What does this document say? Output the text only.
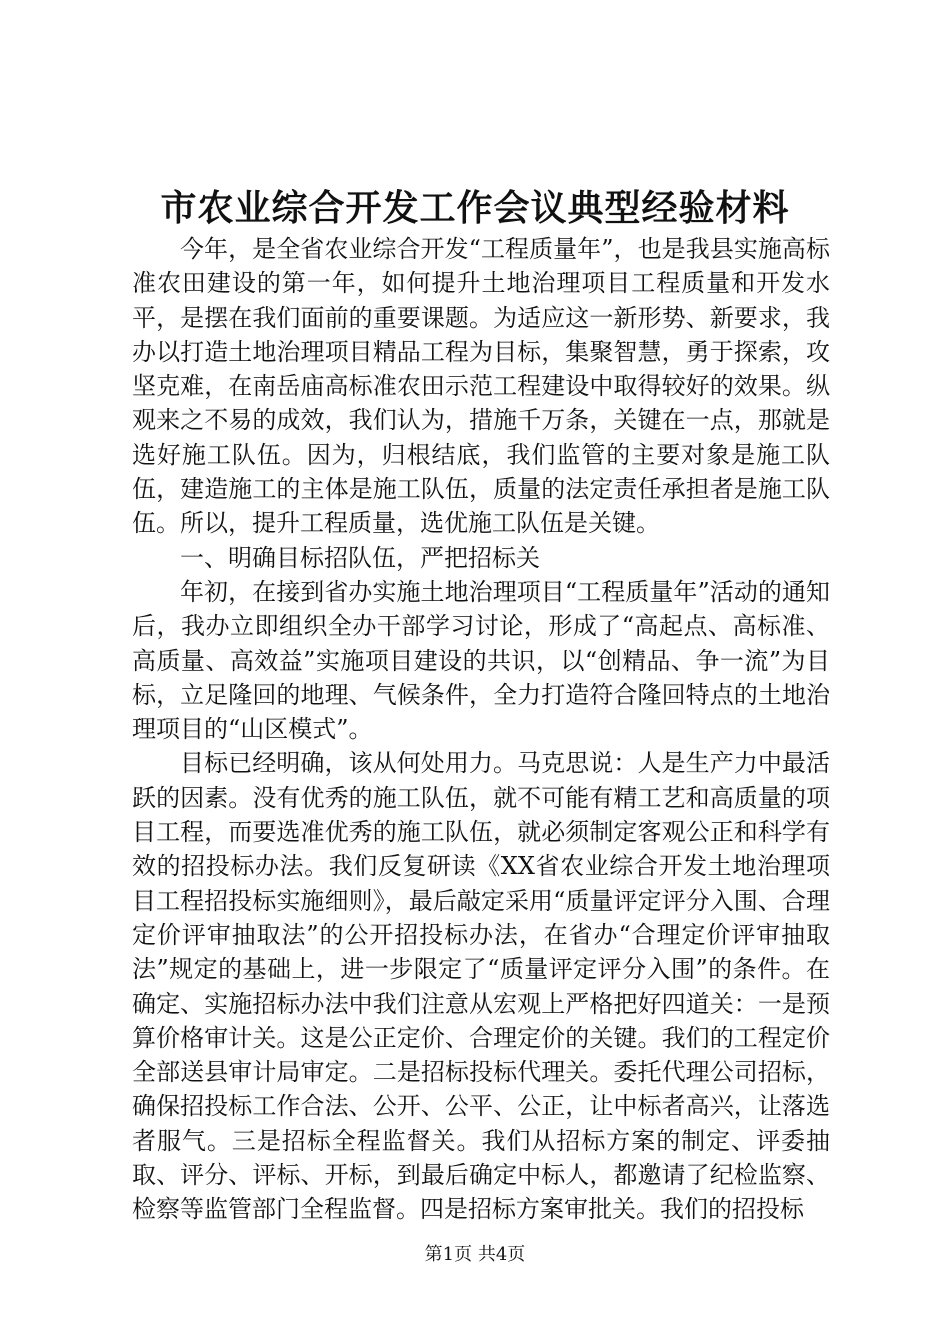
市农业综合开发工作会议典型经验材料

今年，是全省农业综合开发“工程质量年”，也是我县实施高标准农田建设的第一年，如何提升土地治理项目工程质量和开发水平，是摆在我们面前的重要课题。为适应这一新形势、新要求，我办以打造土地治理项目精品工程为目标，集聚智慧，勇于探索，攻坚克难，在南岳庙高标准农田示范工程建设中取得较好的效果。纵观来之不易的成效，我们认为，措施千万条，关键在一点，那就是选好施工队伍。因为，归根结底，我们监管的主要对象是施工队伍，建造施工的主体是施工队伍，质量的法定责任承担者是施工队伍。所以，提升工程质量，选优施工队伍是关键。

一、明确目标招队伍，严把招标关

年初，在接到省办实施土地治理项目“工程质量年”活动的通知后，我办立即组织全办干部学习讨论，形成了“高起点、高标准、高质量、高效益”实施项目建设的共识，以“创精品、争一流”为目标，立足隆回的地理、气候条件，全力打造符合隆回特点的土地治理项目的“山区模式”。

目标已经明确，该从何处用力。马克思说：人是生产力中最活跃的因素。没有优秀的施工队伍，就不可能有精工艺和高质量的项目工程，而要选准优秀的施工队伍，就必须制定客观公正和科学有效的招投标办法。我们反复研读《XX省农业综合开发土地治理项目工程招投标实施细则》，最后敲定采用“质量评定评分入围、合理定价评审抽取法”的公开招投标办法，在省办“合理定价评审抽取法”规定的基础上，进一步限定了“质量评定评分入围”的条件。在确定、实施招标办法中我们注意从宏观上严格把好四道关：一是预算价格审计关。这是公正定价、合理定价的关键。我们的工程定价全部送县审计局审定。二是招标投标代理关。委托代理公司招标，确保招投标工作合法、公开、公平、公正，让中标者高兴，让落选者服气。三是招标全程监督关。我们从招标方案的制定、评委抽取、评分、评标、开标，到最后确定中标人，都邀请了纪检监察、检察等监管部门全程监督。四是招标方案审批关。我们的招投标

第1页 共4页
